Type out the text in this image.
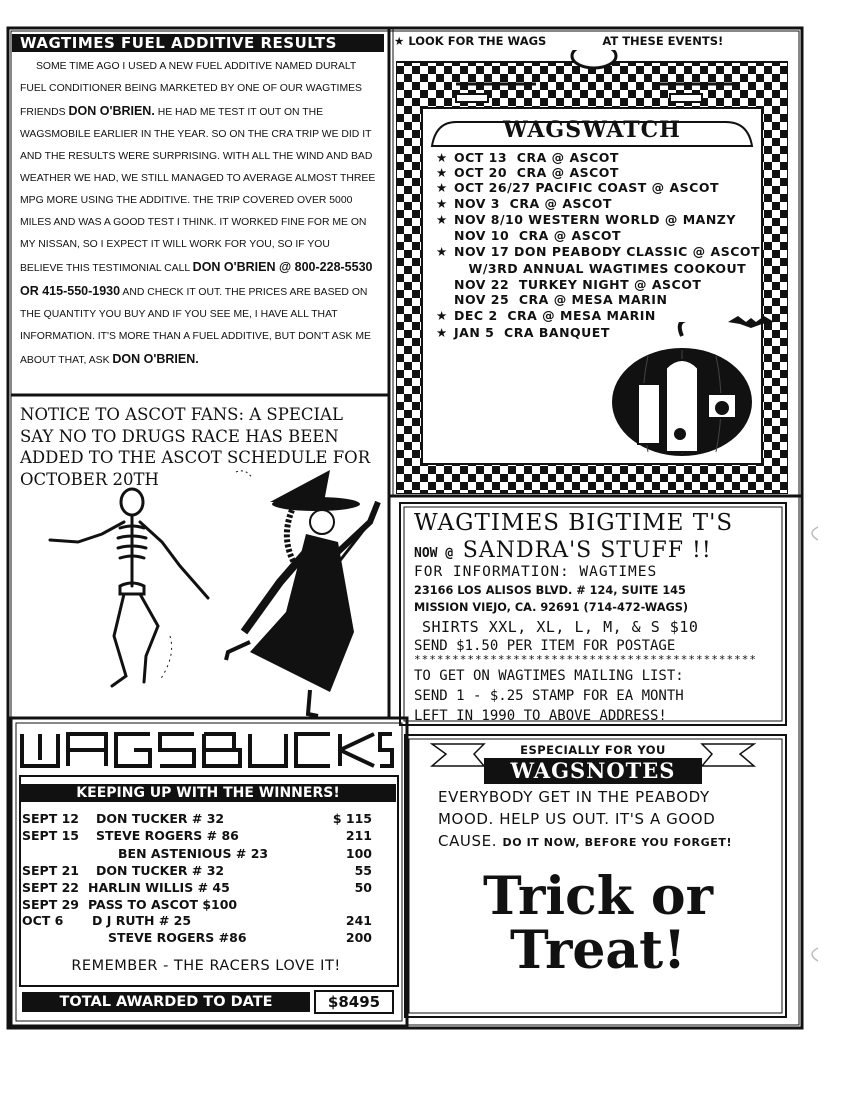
WAGTIMES FUEL ADDITIVE RESULTS
SOME TIME AGO I USED A NEW FUEL ADDITIVE NAMED DURALT FUEL CONDITIONER BEING MARKETED BY ONE OF OUR WAGTIMES FRIENDS DON O'BRIEN. HE HAD ME TEST IT OUT ON THE WAGSMOBILE EARLIER IN THE YEAR. SO ON THE CRA TRIP WE DID IT AND THE RESULTS WERE SURPRISING. WITH ALL THE WIND AND BAD WEATHER WE HAD, WE STILL MANAGED TO AVERAGE ALMOST THREE MPG MORE USING THE ADDITIVE. THE TRIP COVERED OVER 5000 MILES AND WAS A GOOD TEST I THINK. IT WORKED FINE FOR ME ON MY NISSAN, SO I EXPECT IT WILL WORK FOR YOU, SO IF YOU BELIEVE THIS TESTIMONIAL CALL DON O'BRIEN @ 800-228-5530 OR 415-550-1930 AND CHECK IT OUT. THE PRICES ARE BASED ON THE QUANTITY YOU BUY AND IF YOU SEE ME, I HAVE ALL THAT INFORMATION. IT'S MORE THAN A FUEL ADDITIVE, BUT DON'T ASK ME ABOUT THAT, ASK DON O'BRIEN.
NOTICE TO ASCOT FANS: A SPECIAL SAY NO TO DRUGS RACE HAS BEEN ADDED TO THE ASCOT SCHEDULE FOR OCTOBER 20TH
KEEPING UP WITH THE WINNERS!
SEPT 12 DON TUCKER # 32	$ 115
SEPT 15 STEVE ROGERS # 86	211
BEN ASTENIOUS # 23	100
SEPT 21 DON TUCKER # 32	55
SEPT 22 HARLIN WILLIS # 45	50
SEPT 29 PASS TO ASCOT $100
OCT 6 D J RUTH # 25	241
STEVE ROGERS #86	200
REMEMBER - THE RACERS LOVE IT!
TOTAL AWARDED TO DATE	$8495
★ LOOK FOR THE WAGS	AT THESE EVENTS!
WAGSWATCH
★ OCT 13  CRA @ ASCOT
★ OCT 20  CRA @ ASCOT
★ OCT 26/27 PACIFIC COAST @ ASCOT
★ NOV 3  CRA @ ASCOT
★ NOV 8/10 WESTERN WORLD @ MANZY
NOV 10  CRA @ ASCOT
★ NOV 17 DON PEABODY CLASSIC @ ASCOT
W/3RD ANNUAL WAGTIMES COOKOUT
NOV 22  TURKEY NIGHT @ ASCOT
NOV 25  CRA @ MESA MARIN
★ DEC 2  CRA @ MESA MARIN
★ JAN 5  CRA BANQUET
WAGTIMES BIGTIME T'S
NOW @ SANDRA'S STUFF !!
FOR INFORMATION: WAGTIMES
23166 LOS ALISOS BLVD. # 124, SUITE 145
MISSION VIEJO, CA. 92691 (714-472-WAGS)
SHIRTS XXL, XL, L, M, & S $10
SEND $1.50 PER ITEM FOR POSTAGE
*********************************************
TO GET ON WAGTIMES MAILING LIST:
SEND 1 - $.25 STAMP FOR EA MONTH
LEFT IN 1990 TO ABOVE ADDRESS!
ESPECIALLY FOR YOU
WAGSNOTES
EVERYBODY GET IN THE PEABODY MOOD. HELP US OUT. IT'S A GOOD CAUSE. DO IT NOW, BEFORE YOU FORGET!
Trick or
Treat!
